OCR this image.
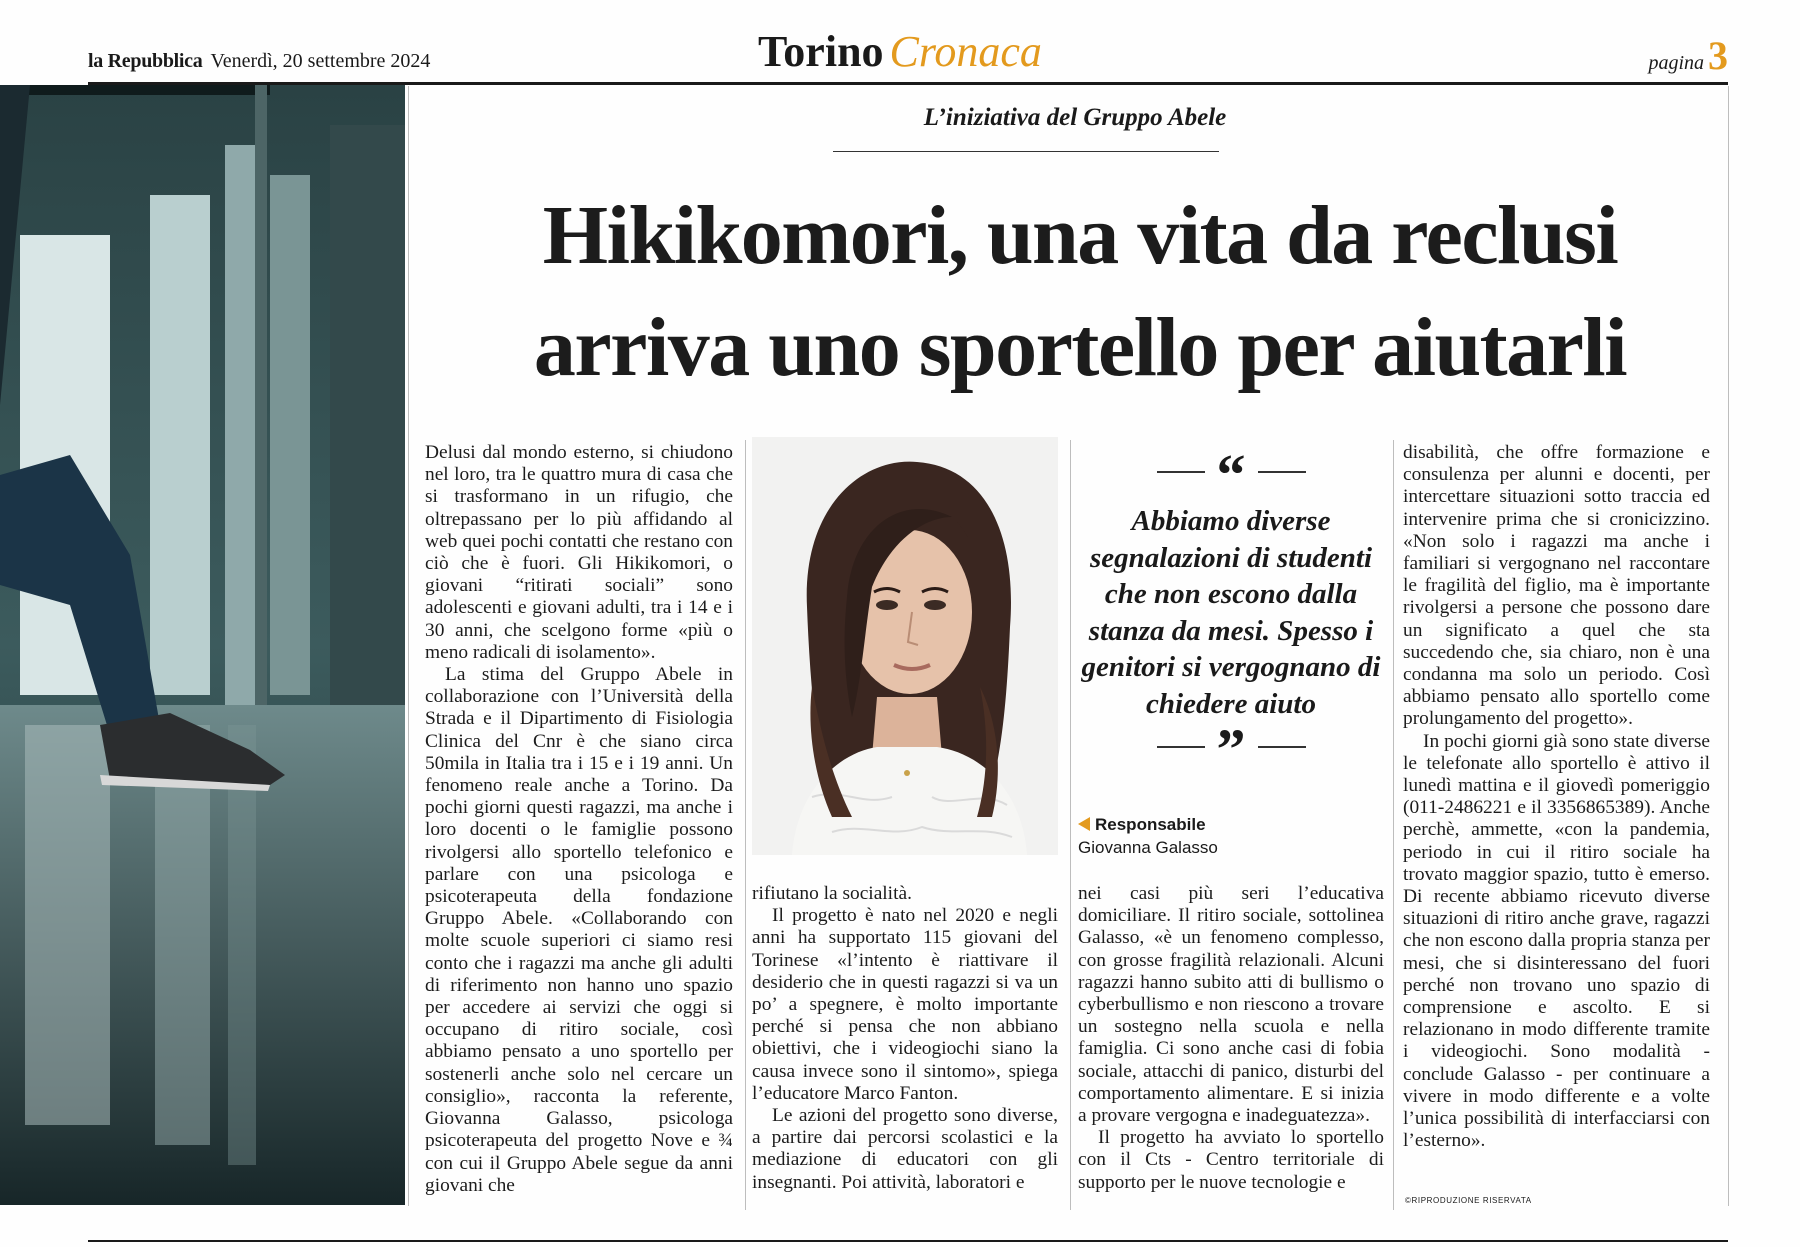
la Repubblica Venerdì, 20 settembre 2024	Torino Cronaca	pagina 3
L’iniziativa del Gruppo Abele
Hikikomori, una vita da reclusi
arriva uno sportello per aiutarli

Delusi dal mondo esterno, si chiudono nel loro, tra le quattro mura di casa che si trasformano in un rifugio, che oltrepassano per lo più affidando al web quei pochi contatti che restano con ciò che è fuori. Gli Hikikomori, o giovani “ritirati sociali” sono adolescenti e giovani adulti, tra i 14 e i 30 anni, che scelgono forme «più o meno radicali di isolamento».

La stima del Gruppo Abele in collaborazione con l’Università della Strada e il Dipartimento di Fisiologia Clinica del Cnr è che siano circa 50mila in Italia tra i 15 e i 19 anni. Un fenomeno reale anche a Torino. Da pochi giorni questi ragazzi, ma anche i loro docenti o le famiglie possono rivolgersi allo sportello telefonico e parlare con una psicologa e psicoterapeuta della fondazione Gruppo Abele. «Collaborando con molte scuole superiori ci siamo resi conto che i ragazzi ma anche gli adulti di riferimento non hanno uno spazio per accedere ai servizi che oggi si occupano di ritiro sociale, così abbiamo pensato a uno sportello per sostenerli anche solo nel cercare un consiglio», racconta la referente, Giovanna Galasso, psicologa psicoterapeuta del progetto Nove e ¾ con cui il Gruppo Abele segue da anni giovani che

rifiutano la socialità.

Il progetto è nato nel 2020 e negli anni ha supportato 115 giovani del Torinese «l’intento è riattivare il desiderio che in questi ragazzi si va un po’ a spegnere, è molto importante perché si pensa che non abbiano obiettivi, che i videogiochi siano la causa invece sono il sintomo», spiega l’educatore Marco Fanton.

Le azioni del progetto sono diverse, a partire dai percorsi scolastici e la mediazione di educatori con gli insegnanti. Poi attività, laboratori e

“
Abbiamo diverse segnalazioni di studenti che non escono dalla stanza da mesi. Spesso i genitori si vergognano di chiedere aiuto
”
Responsabile
Giovanna Galasso

nei casi più seri l’educativa domiciliare. Il ritiro sociale, sottolinea Galasso, «è un fenomeno complesso, con grosse fragilità relazionali. Alcuni ragazzi hanno subito atti di bullismo o cyberbullismo e non riescono a trovare un sostegno nella scuola e nella famiglia. Ci sono anche casi di fobia sociale, attacchi di panico, disturbi del comportamento alimentare. E si inizia a provare vergogna e inadeguatezza».

Il progetto ha avviato lo sportello con il Cts - Centro territoriale di supporto per le nuove tecnologie e

disabilità, che offre formazione e consulenza per alunni e docenti, per intercettare situazioni sotto traccia ed intervenire prima che si cronicizzino. «Non solo i ragazzi ma anche i familiari si vergognano nel raccontare le fragilità del figlio, ma è importante rivolgersi a persone che possono dare un significato a quel che sta succedendo che, sia chiaro, non è una condanna ma solo un periodo. Così abbiamo pensato allo sportello come prolungamento del progetto».

In pochi giorni già sono state diverse le telefonate allo sportello è attivo il lunedì mattina e il giovedì pomeriggio (011-2486221 e il 3356865389). Anche perchè, ammette, «con la pandemia, periodo in cui il ritiro sociale ha trovato maggior spazio, tutto è emerso. Di recente abbiamo ricevuto diverse situazioni di ritiro anche grave, ragazzi che non escono dalla propria stanza per mesi, che si disinteressano del fuori perché non trovano uno spazio di comprensione e ascolto. E si relazionano in modo differente tramite i videogiochi. Sono modalità - conclude Galasso - per continuare a vivere in modo differente e a volte l’unica possibilità di interfacciarsi con l’esterno».

©RIPRODUZIONE RISERVATA
